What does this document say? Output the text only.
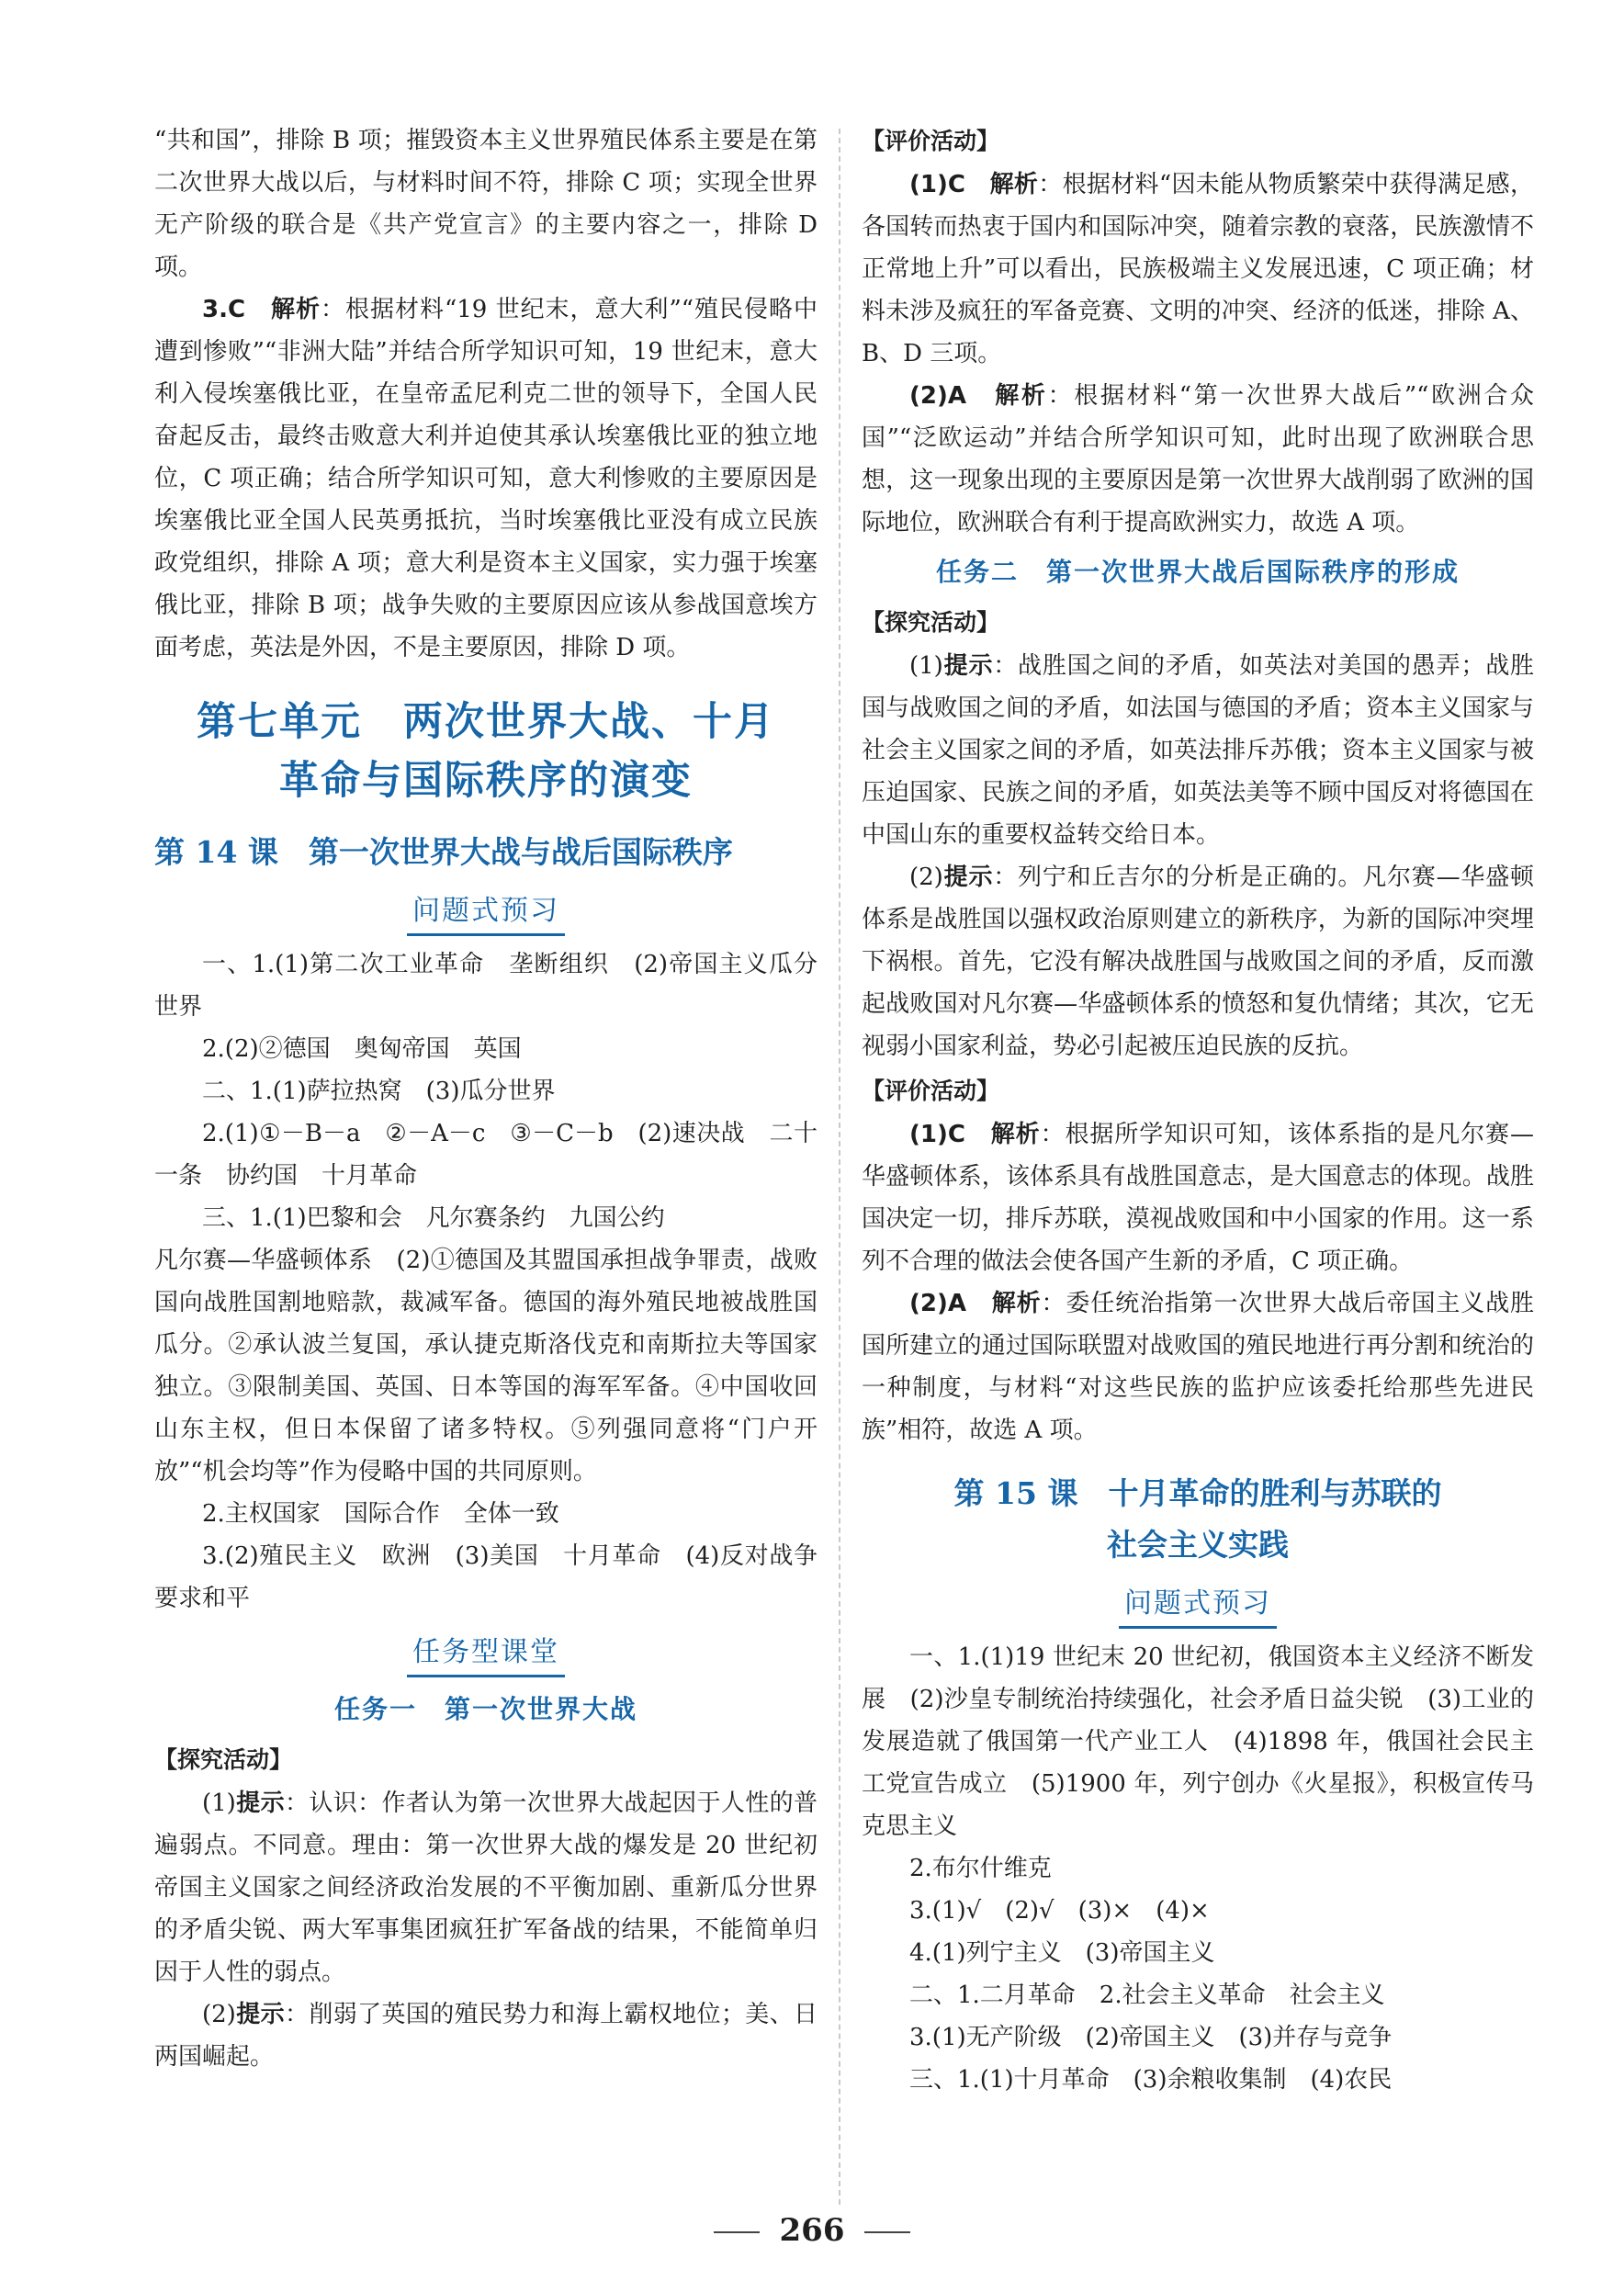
“共和国”，排除 B 项；摧毁资本主义世界殖民体系主要是在第二次世界大战以后，与材料时间不符，排除 C 项；实现全世界无产阶级的联合是《共产党宣言》的主要内容之一，排除 D 项。

3.C　 解析：根据材料“19 世纪末，意大利”“殖民侵略中遭到惨败”“非洲大陆”并结合所学知识可知，19 世纪末，意大利入侵埃塞俄比亚，在皇帝孟尼利克二世的领导下，全国人民奋起反击，最终击败意大利并迫使其承认埃塞俄比亚的独立地位，C 项正确；结合所学知识可知，意大利惨败的主要原因是埃塞俄比亚全国人民英勇抵抗，当时埃塞俄比亚没有成立民族政党组织，排除 A 项；意大利是资本主义国家，实力强于埃塞俄比亚，排除 B 项；战争失败的主要原因应该从参战国意埃方面考虑，英法是外因，不是主要原因，排除 D 项。

第七单元　两次世界大战、十月
革命与国际秩序的演变
第 14 课　第一次世界大战与战后国际秩序
问题式预习

一、1.(1)第二次工业革命　垄断组织　(2)帝国主义瓜分世界

2.(2)②德国　奥匈帝国　英国

二、1.(1)萨拉热窝　(3)瓜分世界

2.(1)①－B－a　②－A－c　③－C－b　(2)速决战　二十一条　协约国　十月革命

三、1.(1)巴黎和会　凡尔赛条约　九国公约

凡尔赛—华盛顿体系　(2)①德国及其盟国承担战争罪责，战败国向战胜国割地赔款，裁减军备。德国的海外殖民地被战胜国瓜分。②承认波兰复国，承认捷克斯洛伐克和南斯拉夫等国家独立。③限制美国、英国、日本等国的海军军备。④中国收回山东主权，但日本保留了诸多特权。⑤列强同意将“门户开放”“机会均等”作为侵略中国的共同原则。

2.主权国家　国际合作　全体一致

3.(2)殖民主义　欧洲　(3)美国　十月革命　(4)反对战争　要求和平

任务型课堂
任务一　第一次世界大战
【探究活动】

(1)提示：认识：作者认为第一次世界大战起因于人性的普遍弱点。不同意。理由：第一次世界大战的爆发是 20 世纪初帝国主义国家之间经济政治发展的不平衡加剧、重新瓜分世界的矛盾尖锐、两大军事集团疯狂扩军备战的结果，不能简单归因于人性的弱点。

(2)提示：削弱了英国的殖民势力和海上霸权地位；美、日两国崛起。

【评价活动】

(1)C　 解析：根据材料“因未能从物质繁荣中获得满足感，各国转而热衷于国内和国际冲突，随着宗教的衰落，民族激情不正常地上升”可以看出，民族极端主义发展迅速，C 项正确；材料未涉及疯狂的军备竞赛、文明的冲突、经济的低迷，排除 A、B、D 三项。

(2)A　 解析：根据材料“第一次世界大战后”“欧洲合众国”“泛欧运动”并结合所学知识可知，此时出现了欧洲联合思想，这一现象出现的主要原因是第一次世界大战削弱了欧洲的国际地位，欧洲联合有利于提高欧洲实力，故选 A 项。

任务二　第一次世界大战后国际秩序的形成
【探究活动】

(1)提示：战胜国之间的矛盾，如英法对美国的愚弄；战胜国与战败国之间的矛盾，如法国与德国的矛盾；资本主义国家与社会主义国家之间的矛盾，如英法排斥苏俄；资本主义国家与被压迫国家、民族之间的矛盾，如英法美等不顾中国反对将德国在中国山东的重要权益转交给日本。

(2)提示：列宁和丘吉尔的分析是正确的。凡尔赛—华盛顿体系是战胜国以强权政治原则建立的新秩序，为新的国际冲突埋下祸根。首先，它没有解决战胜国与战败国之间的矛盾，反而激起战败国对凡尔赛—华盛顿体系的愤怒和复仇情绪；其次，它无视弱小国家利益，势必引起被压迫民族的反抗。

【评价活动】

(1)C　 解析：根据所学知识可知，该体系指的是凡尔赛—华盛顿体系，该体系具有战胜国意志，是大国意志的体现。战胜国决定一切，排斥苏联，漠视战败国和中小国家的作用。这一系列不合理的做法会使各国产生新的矛盾，C 项正确。

(2)A　 解析：委任统治指第一次世界大战后帝国主义战胜国所建立的通过国际联盟对战败国的殖民地进行再分割和统治的一种制度，与材料“对这些民族的监护应该委托给那些先进民族”相符，故选 A 项。

第 15 课　十月革命的胜利与苏联的
社会主义实践
问题式预习

一、1.(1)19 世纪末 20 世纪初，俄国资本主义经济不断发展　(2)沙皇专制统治持续强化，社会矛盾日益尖锐　(3)工业的发展造就了俄国第一代产业工人　(4)1898 年，俄国社会民主工党宣告成立　(5)1900 年，列宁创办《火星报》，积极宣传马克思主义

2.布尔什维克

3.(1)√　(2)√　(3)×　(4)×

4.(1)列宁主义　(3)帝国主义

二、1.二月革命　2.社会主义革命　社会主义

3.(1)无产阶级　(2)帝国主义　(3)并存与竞争

三、1.(1)十月革命　(3)余粮收集制　(4)农民

266
